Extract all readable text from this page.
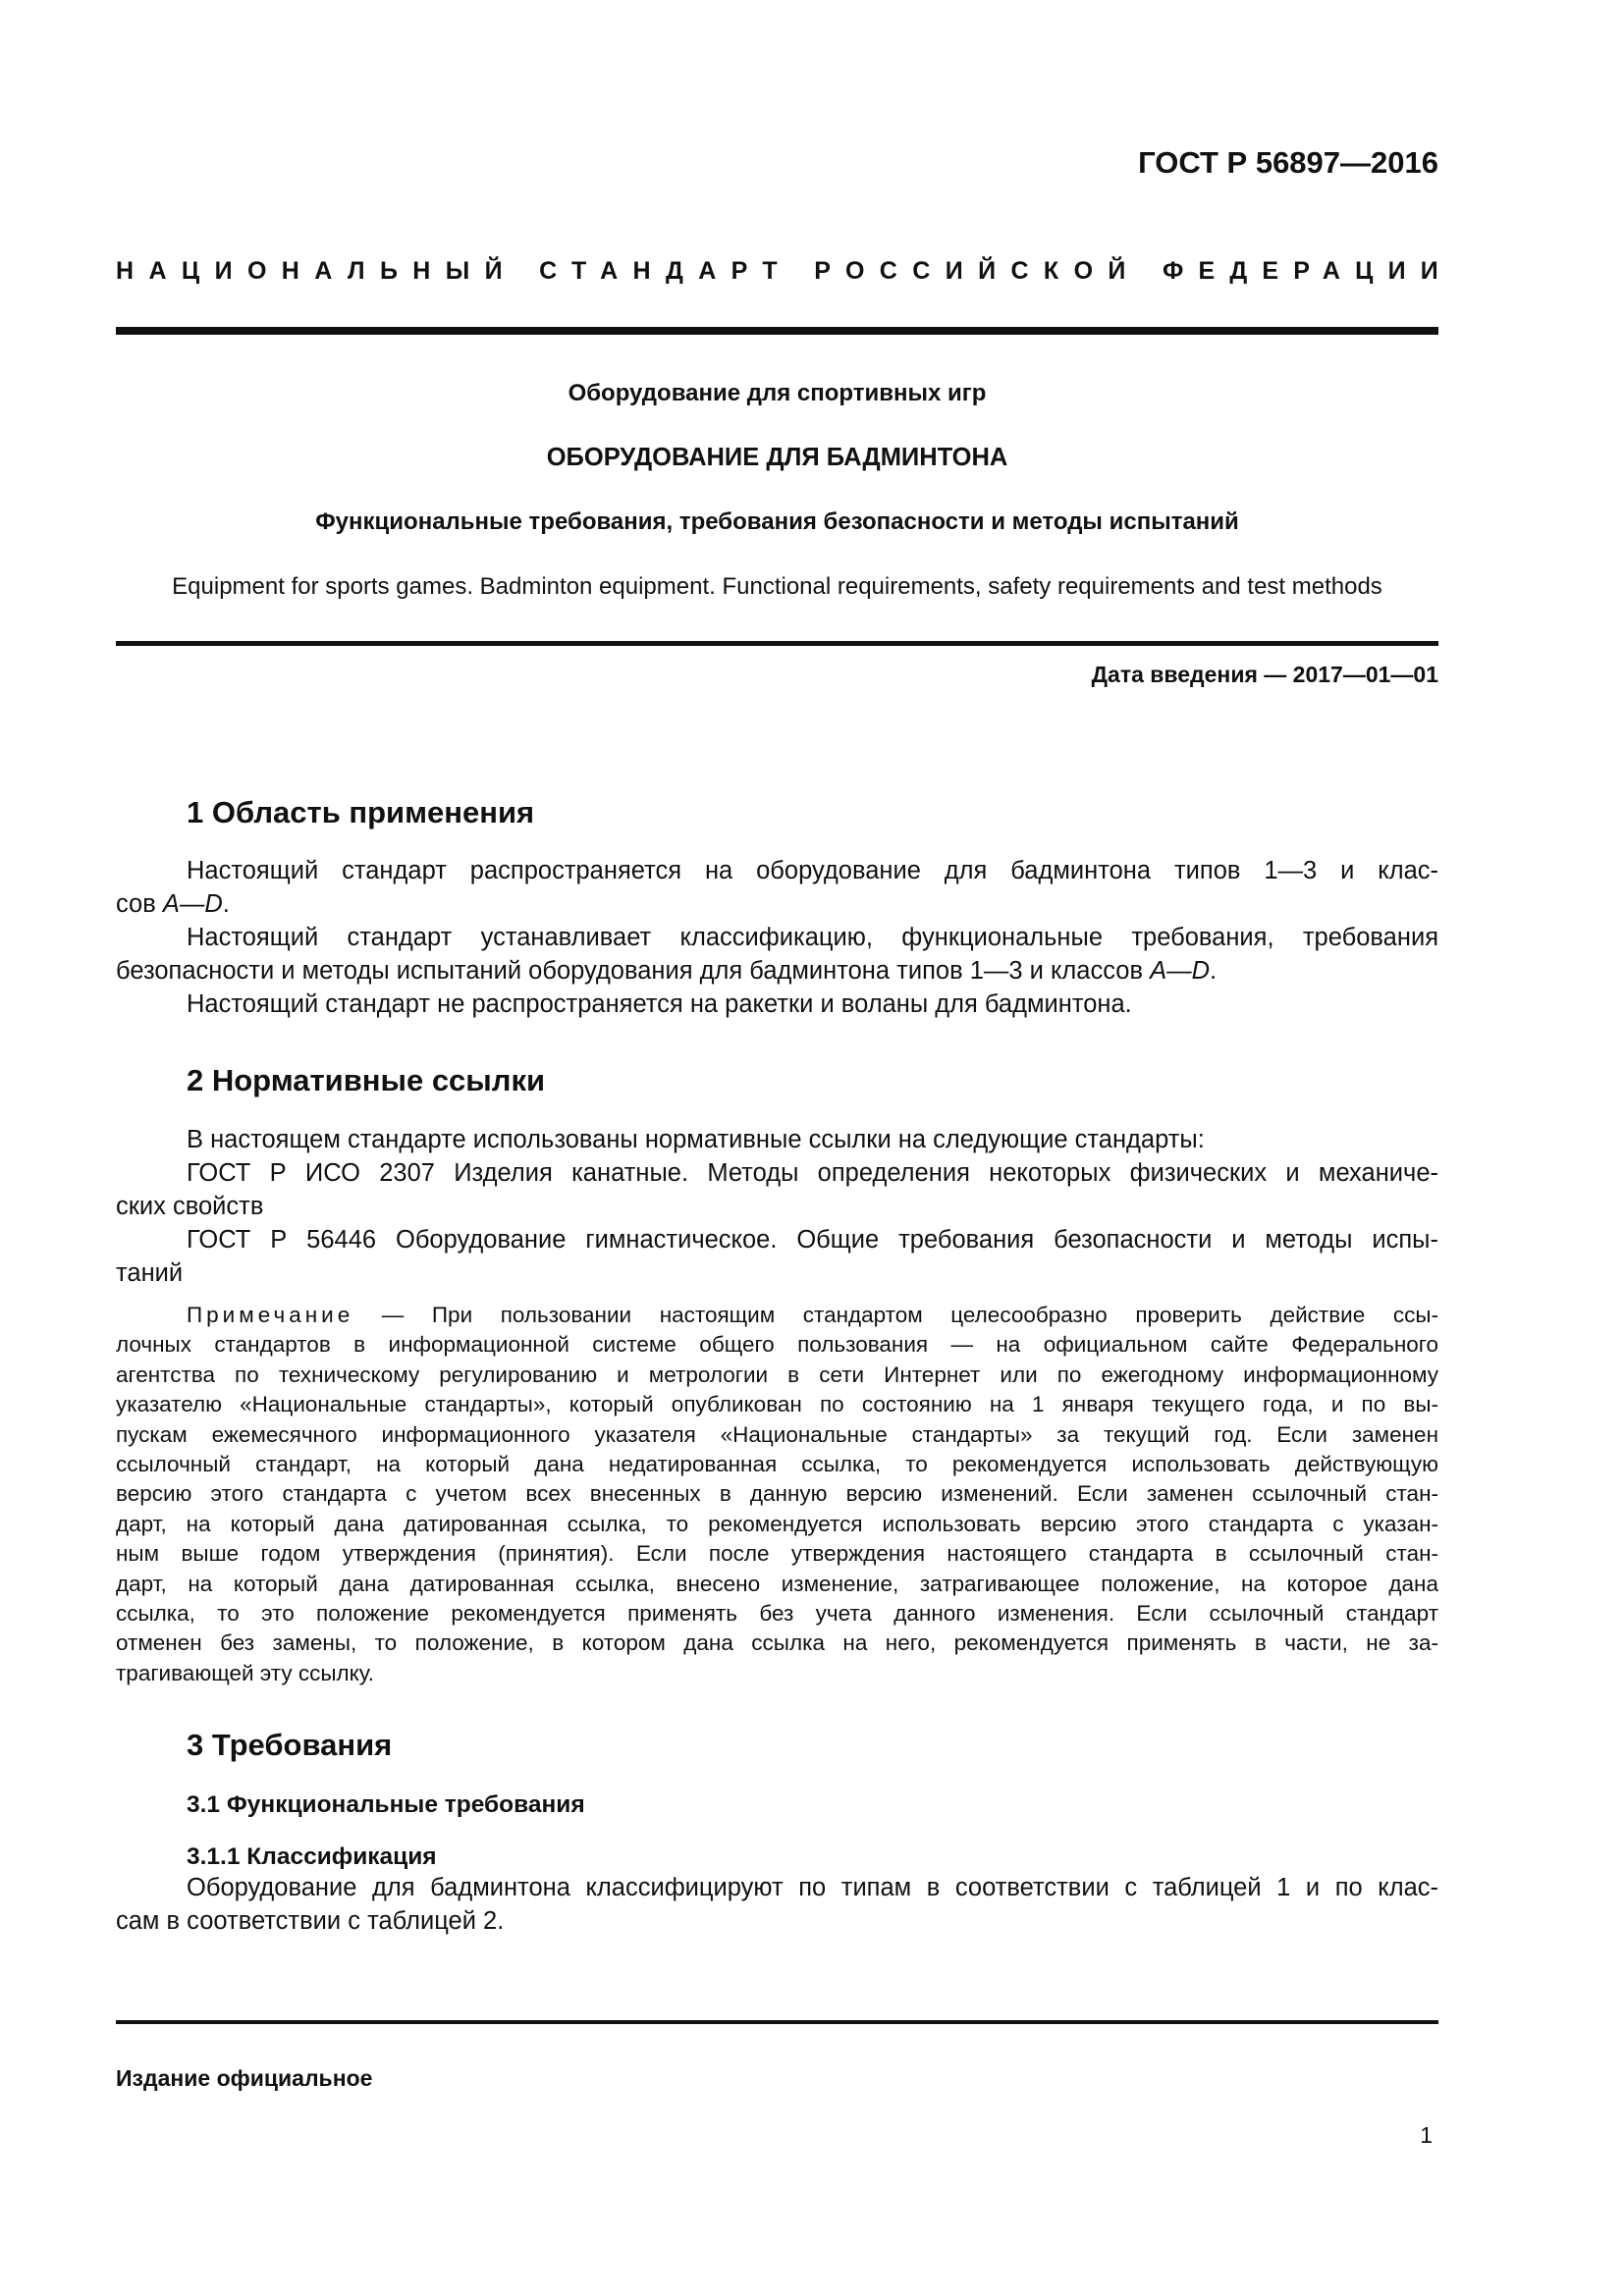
ГОСТ Р 56897—2016
НАЦИОНАЛЬНЫЙ СТАНДАРТ РОССИЙСКОЙ ФЕДЕРАЦИИ
Оборудование для спортивных игр
ОБОРУДОВАНИЕ ДЛЯ БАДМИНТОНА
Функциональные требования, требования безопасности и методы испытаний
Equipment for sports games. Badminton equipment. Functional requirements, safety requirements and test methods
Дата введения — 2017—01—01
1 Область применения
Настоящий стандарт распространяется на оборудование для бадминтона типов 1—3 и клас-
сов A—D.
Настоящий стандарт устанавливает классификацию, функциональные требования, требования
безопасности и методы испытаний оборудования для бадминтона типов 1—3 и классов A—D.
Настоящий стандарт не распространяется на ракетки и воланы для бадминтона.
2 Нормативные ссылки
В настоящем стандарте использованы нормативные ссылки на следующие стандарты:
ГОСТ Р ИСО 2307 Изделия канатные. Методы определения некоторых физических и механиче-
ских свойств
ГОСТ Р 56446 Оборудование гимнастическое. Общие требования безопасности и методы испы-
таний
Примечание — При пользовании настоящим стандартом целесообразно проверить действие ссы-
лочных стандартов в информационной системе общего пользования — на официальном сайте Федерального
агентства по техническому регулированию и метрологии в сети Интернет или по ежегодному информационному
указателю «Национальные стандарты», который опубликован по состоянию на 1 января текущего года, и по вы-
пускам ежемесячного информационного указателя «Национальные стандарты» за текущий год. Если заменен
ссылочный стандарт, на который дана недатированная ссылка, то рекомендуется использовать действующую
версию этого стандарта с учетом всех внесенных в данную версию изменений. Если заменен ссылочный стан-
дарт, на который дана датированная ссылка, то рекомендуется использовать версию этого стандарта с указан-
ным выше годом утверждения (принятия). Если после утверждения настоящего стандарта в ссылочный стан-
дарт, на который дана датированная ссылка, внесено изменение, затрагивающее положение, на которое дана
ссылка, то это положение рекомендуется применять без учета данного изменения. Если ссылочный стандарт
отменен без замены, то положение, в котором дана ссылка на него, рекомендуется применять в части, не за-
трагивающей эту ссылку.
3 Требования
3.1 Функциональные требования
3.1.1 Классификация
Оборудование для бадминтона классифицируют по типам в соответствии с таблицей 1 и по клас-
сам в соответствии с таблицей 2.
Издание официальное
1
